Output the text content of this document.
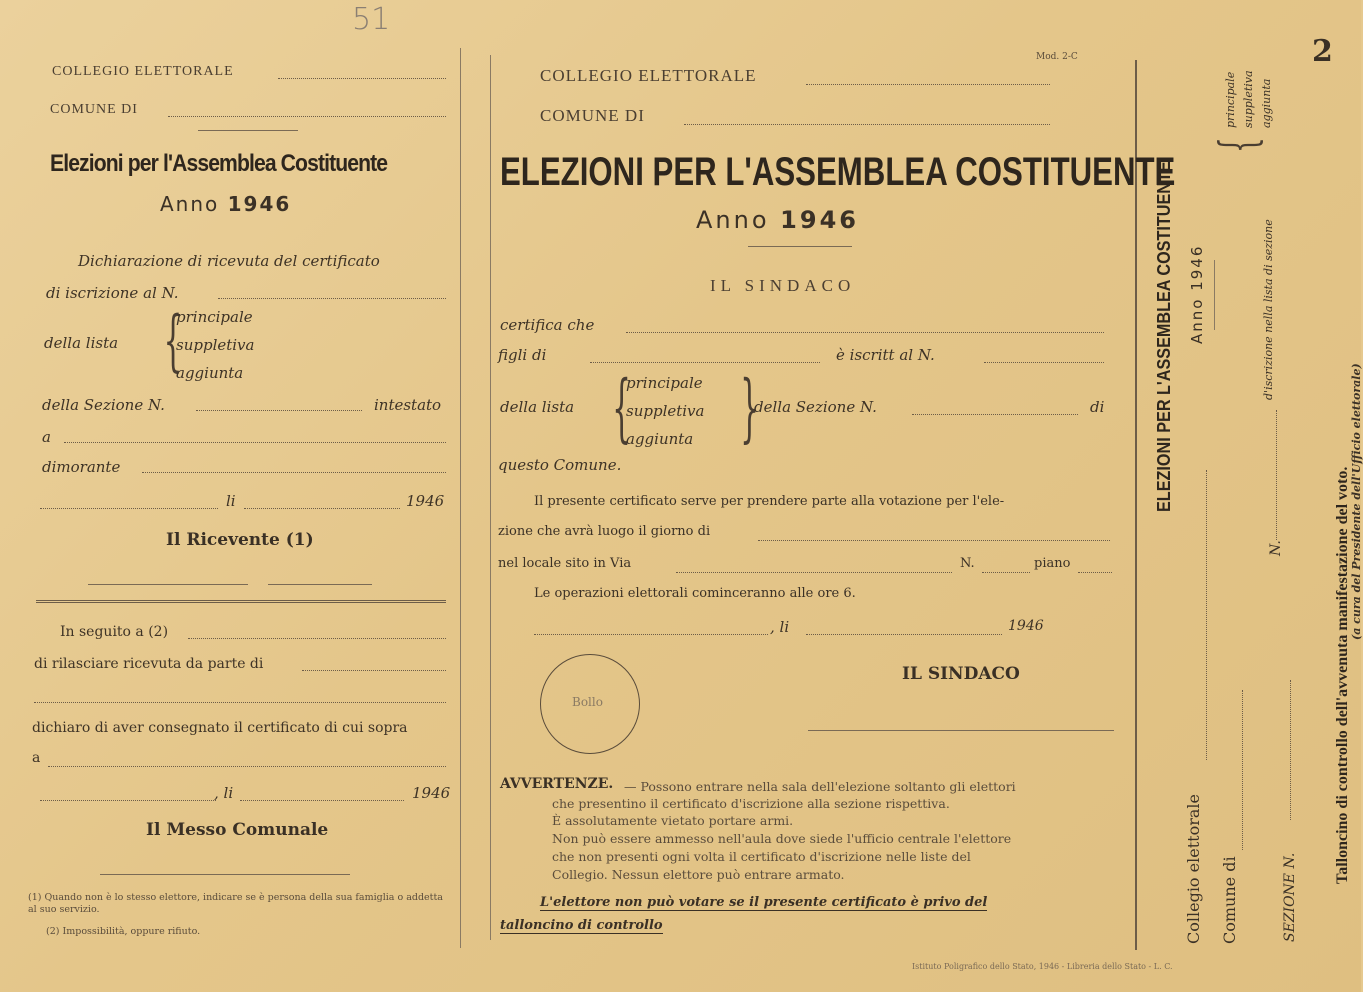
51
2
Mod. 2-C
COLLEGIO ELETTORALE
COMUNE DI
Elezioni per l'Assemblea Costituente
Anno 1946
Dichiarazione di ricevuta del certificato
di iscrizione al N.
della lista {
principale
suppletiva
aggiunta
della Sezione N.	intestato
a
dimorante
li	1946
Il Ricevente (1)
In seguito a (2)
di rilasciare ricevuta da parte di
dichiaro di aver consegnato il certificato di cui sopra
a
, li	1946
Il Messo Comunale
(1) Quando non è lo stesso elettore, indicare se è persona della sua famiglia o addetta al suo servizio.
(2) Impossibilità, oppure rifiuto.
COLLEGIO ELETTORALE
COMUNE DI
ELEZIONI PER L'ASSEMBLEA COSTITUENTE
Anno 1946
IL SINDACO
certifica che
figli di	è iscritt al N.
della lista {
principale
suppletiva
aggiunta }
della Sezione N.	di
questo Comune.
Il presente certificato serve per prendere parte alla votazione per l'ele-
zione che avrà luogo il giorno di
nel locale sito in Via	N.	piano
Le operazioni elettorali cominceranno alle ore 6.
, li	1946
Bollo
IL SINDACO
AVVERTENZE. — Possono entrare nella sala dell'elezione soltanto gli elettori
che presentino il certificato d'iscrizione alla sezione rispettiva.
È assolutamente vietato portare armi.
Non può essere ammesso nell'aula dove siede l'ufficio centrale l'elettore
che non presenti ogni volta il certificato d'iscrizione nelle liste del
Collegio. Nessun elettore può entrare armato.
L'elettore non può votare se il presente certificato è privo del
talloncino di controllo
Istituto Poligrafico dello Stato, 1946 - Libreria dello Stato - L. C.
ELEZIONI PER L'ASSEMBLEA COSTITUENTE Anno 1946
Collegio elettorale Comune di
{
principale suppletiva aggiunta
d'iscrizione nella lista di sezione
N.
SEZIONE N.
Talloncino di controllo dell'avvenuta manifestazione del voto. (a cura del Presidente dell'Ufficio elettorale)
